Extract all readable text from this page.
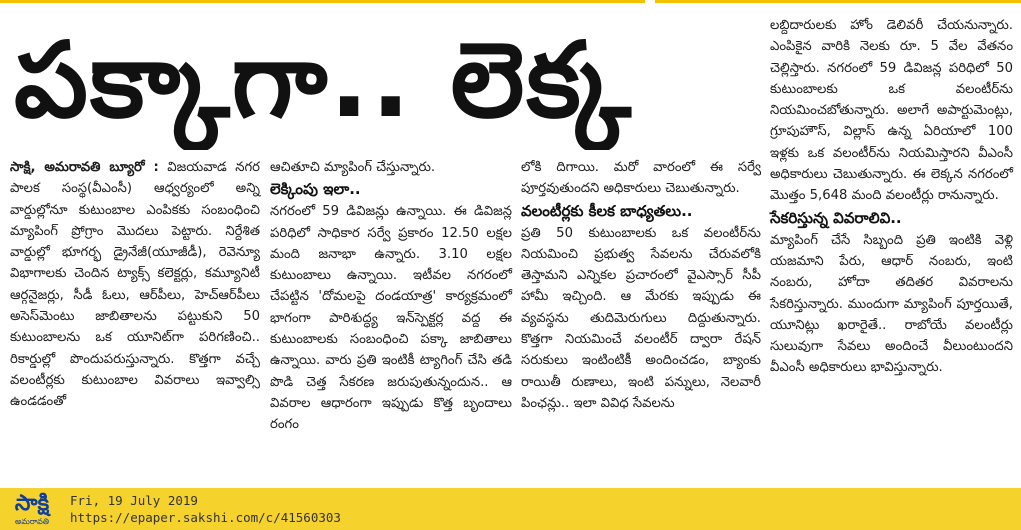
పక్కాగా.. లెక్క

సాక్షి, అమరావతి బ్యూరో : విజయవాడ నగర పాలక సంస్థ(వీఎంసీ) ఆధ్వర్యంలో అన్ని వార్డుల్లోనూ కుటుంబాల ఎంపికకు సంబంధించి మ్యాపింగ్ ప్రోగ్రాం మొదలు పెట్టారు. నిర్దేశిత వార్డుల్లో భూగర్భ డ్రైనేజీ(యూజీడీ), రెవెన్యూ విభాగాలకు చెందిన ట్యాక్స్ కలెక్టర్లు, కమ్యూనిటీ ఆర్గనైజర్లు, సీడీ ఓలు, ఆర్‌పీలు, హెచ్‌ఆర్‌పీలు అసెస్‌మెంటు జాబితాలను పట్టుకుని 50 కుటుంబాలను ఒక యూనిట్‌గా పరిగణించి.. రికార్డుల్లో పొందుపరుస్తున్నారు. కొత్తగా వచ్చే వలంటీర్లకు కుటుంబాల వివరాలు ఇవ్వాల్సి ఉండడంతో

ఆచితూచి మ్యాపింగ్ చేస్తున్నారు.

లెక్కింపు ఇలా..

నగరంలో 59 డివిజన్లు ఉన్నాయి. ఈ డివిజన్ల పరిధిలో సాధికార సర్వే ప్రకారం 12.50 లక్షల మంది జనాభా ఉన్నారు. 3.10 లక్షల కుటుంబాలు ఉన్నాయి. ఇటీవల నగరంలో చేపట్టిన 'దోమలపై దండయాత్ర' కార్యక్రమంలో భాగంగా పారిశుద్ధ్య ఇన్‌స్పెక్టర్ల వద్ద ఈ కుటుంబాలకు సంబంధించి పక్కా జాబితాలు ఉన్నాయి. వారు ప్రతి ఇంటికీ ట్యాగింగ్ చేసి తడి పొడి చెత్త సేకరణ జరుపుతున్నందున.. ఆ వివరాల ఆధారంగా ఇప్పుడు కొత్త బృందాలు రంగం

లోకి దిగాయి. మరో వారంలో ఈ సర్వే పూర్తవుతుందని అధికారులు చెబుతున్నారు.

వలంటీర్లకు కీలక బాధ్యతలు..

ప్రతి 50 కుటుంబాలకు ఒక వలంటీర్‌ను నియమించి ప్రభుత్వ సేవలను చేరువలోకి తెస్తామని ఎన్నికల ప్రచారంలో వైఎస్సార్ సీపీ హామీ ఇచ్చింది. ఆ మేరకు ఇప్పుడు ఈ వ్యవస్థను తుదిమెరుగులు దిద్దుతున్నారు. కొత్తగా నియమించే వలంటీర్ ద్వారా రేషన్ సరుకులు ఇంటింటికీ అందించడం, బ్యాంకు రాయితీ రుణాలు, ఇంటి పన్నులు, నెలవారీ పింఛన్లు.. ఇలా వివిధ సేవలను

లబ్దిదారులకు హోం డెలివరీ చేయనున్నారు. ఎంపికైన వారికి నెలకు రూ. 5 వేల వేతనం చెల్లిస్తారు. నగరంలో 59 డివిజన్ల పరిధిలో 50 కుటుంబాలకు ఒక వలంటీర్‌ను నియమించబోతున్నారు. అలాగే అపార్టుమెంట్లు, గ్రూపుహౌస్, విల్లాస్ ఉన్న ఏరియాలో 100 ఇళ్లకు ఒక వలంటీర్‌ను నియమిస్తారని వీఎంసీ అధికారులు చెబుతున్నారు. ఈ లెక్కన నగరంలో మొత్తం 5,648 మంది వలంటీర్లు రానున్నారు.

సేకరిస్తున్న వివరాలివి..

మ్యాపింగ్ చేసే సిబ్బంది ప్రతి ఇంటికి వెళ్లి యజమాని పేరు, ఆధార్ నంబరు, ఇంటి నంబరు, హోదా తదితర వివరాలను సేకరిస్తున్నారు. ముందుగా మ్యాపింగ్ పూర్తయితే, యూనిట్లు ఖరారైతే.. రాబోయే వలంటీర్లు సులువుగా సేవలు అందించే వీలుంటుందని వీఎంసీ అధికారులు భావిస్తున్నారు.

సాక్షి
అమరావతి
Fri, 19 July 2019
https://epaper.sakshi.com/c/41560303
